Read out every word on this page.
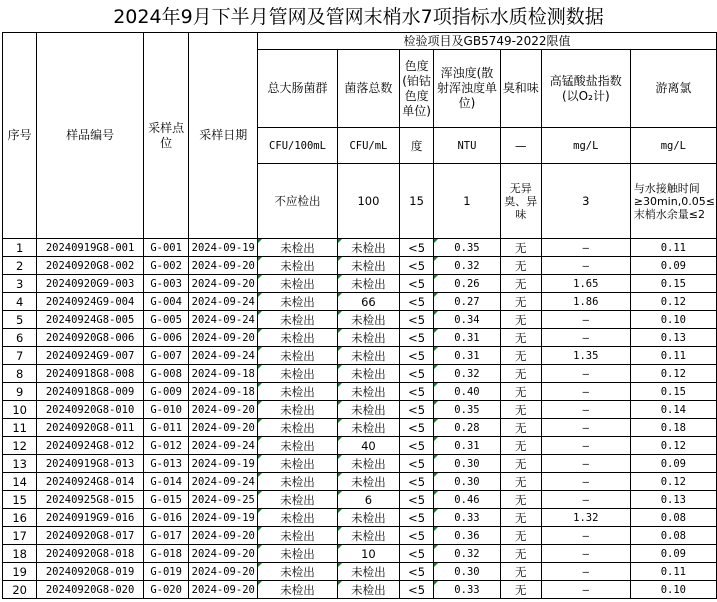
2024年9月下半月管网及管网末梢水7项指标水质检测数据
序号	样品编号	采样点位	采样日期	检验项目及GB5749-2022限值						
				总大肠菌群	菌落总数	色度(铂钴色度单位)	浑浊度(散射浑浊度单位)	臭和味	高锰酸盐指数(以O₂计)	游离氯
				CFU/100mL	CFU/mL	度	NTU	—	mg/L	mg/L
				不应检出	100	15	1	无异臭、异味	3	与水接触时间≥30min,0.05≤末梢水余量≤2
1	20240919G8-001	G-001	2024-09-19	未检出	未检出	<5	0.35	无	—	0.11
2	20240920G8-002	G-002	2024-09-20	未检出	未检出	<5	0.32	无	—	0.09
3	20240920G9-003	G-003	2024-09-20	未检出	未检出	<5	0.26	无	1.65	0.15
4	20240924G9-004	G-004	2024-09-24	未检出	66	<5	0.27	无	1.86	0.12
5	20240924G8-005	G-005	2024-09-24	未检出	未检出	<5	0.34	无	—	0.10
6	20240920G8-006	G-006	2024-09-20	未检出	未检出	<5	0.31	无	—	0.13
7	20240924G9-007	G-007	2024-09-24	未检出	未检出	<5	0.31	无	1.35	0.11
8	20240918G8-008	G-008	2024-09-18	未检出	未检出	<5	0.32	无	—	0.12
9	20240918G8-009	G-009	2024-09-18	未检出	未检出	<5	0.40	无	—	0.15
10	20240920G8-010	G-010	2024-09-20	未检出	未检出	<5	0.35	无	—	0.14
11	20240920G8-011	G-011	2024-09-20	未检出	未检出	<5	0.28	无	—	0.18
12	20240924G8-012	G-012	2024-09-24	未检出	40	<5	0.31	无	—	0.12
13	20240919G8-013	G-013	2024-09-19	未检出	未检出	<5	0.30	无	—	0.09
14	20240924G8-014	G-014	2024-09-24	未检出	未检出	<5	0.30	无	—	0.12
15	20240925G8-015	G-015	2024-09-25	未检出	6	<5	0.46	无	—	0.13
16	20240919G9-016	G-016	2024-09-19	未检出	未检出	<5	0.33	无	1.32	0.08
17	20240920G8-017	G-017	2024-09-20	未检出	未检出	<5	0.36	无	—	0.08
18	20240920G8-018	G-018	2024-09-20	未检出	10	<5	0.32	无	—	0.09
19	20240920G8-019	G-019	2024-09-20	未检出	未检出	<5	0.30	无	—	0.11
20	20240920G8-020	G-020	2024-09-20	未检出	未检出	<5	0.33	无	—	0.10
